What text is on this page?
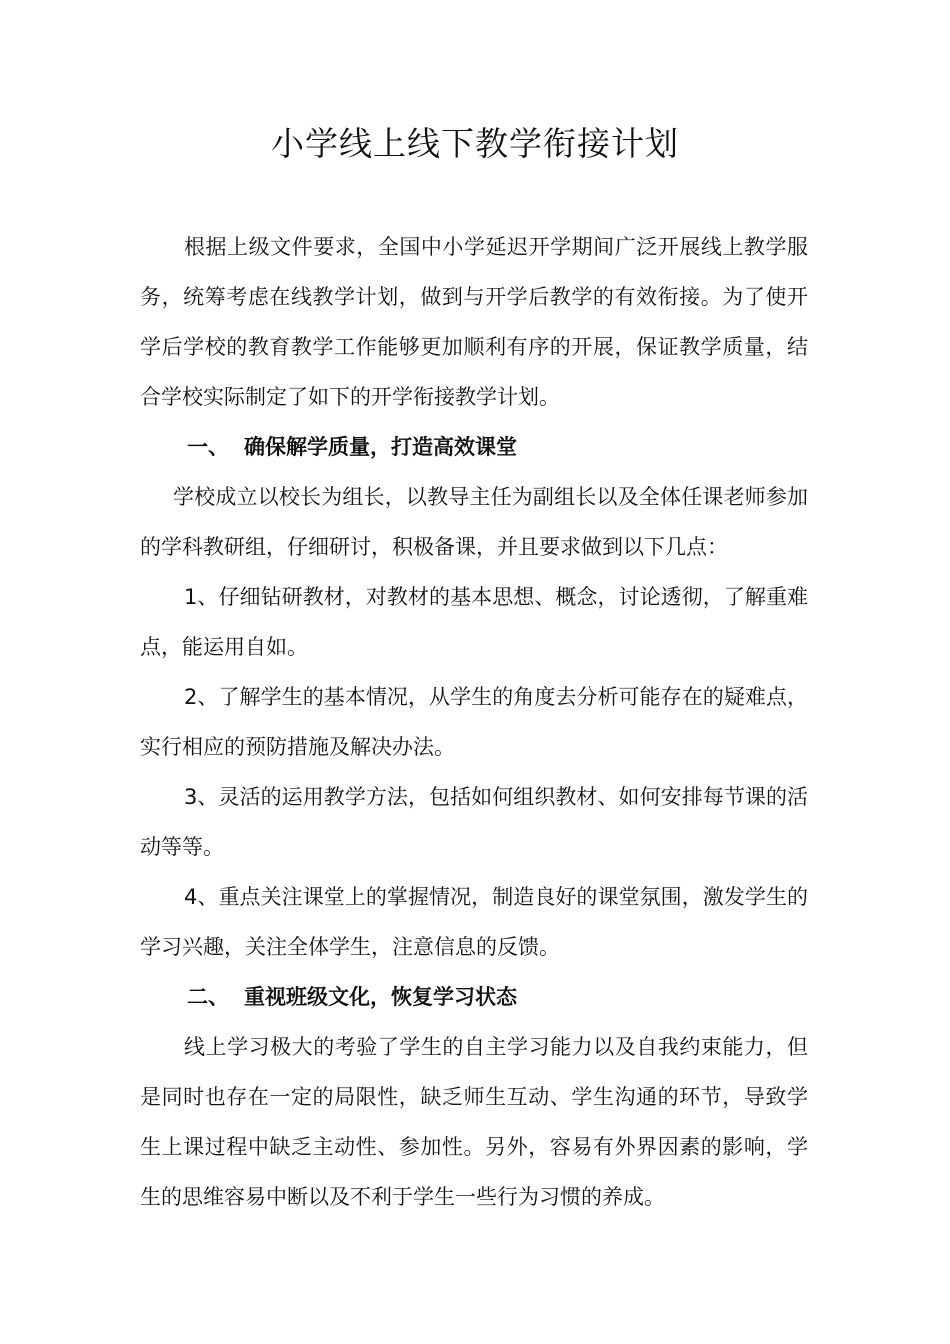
小学线上线下教学衔接计划

根据上级文件要求，全国中小学延迟开学期间广泛开展线上教学服务，统筹考虑在线教学计划，做到与开学后教学的有效衔接。为了使开学后学校的教育教学工作能够更加顺利有序的开展，保证教学质量，结合学校实际制定了如下的开学衔接教学计划。

一、 确保解学质量，打造高效课堂

学校成立以校长为组长，以教导主任为副组长以及全体任课老师参加的学科教研组，仔细研讨，积极备课，并且要求做到以下几点：

1、仔细钻研教材，对教材的基本思想、概念，讨论透彻，了解重难点，能运用自如。

2、了解学生的基本情况，从学生的角度去分析可能存在的疑难点，实行相应的预防措施及解决办法。

3、灵活的运用教学方法，包括如何组织教材、如何安排每节课的活动等等。

4、重点关注课堂上的掌握情况，制造良好的课堂氛围，激发学生的学习兴趣，关注全体学生，注意信息的反馈。

二、 重视班级文化，恢复学习状态

线上学习极大的考验了学生的自主学习能力以及自我约束能力，但是同时也存在一定的局限性，缺乏师生互动、学生沟通的环节，导致学生上课过程中缺乏主动性、参加性。另外，容易有外界因素的影响，学生的思维容易中断以及不利于学生一些行为习惯的养成。
